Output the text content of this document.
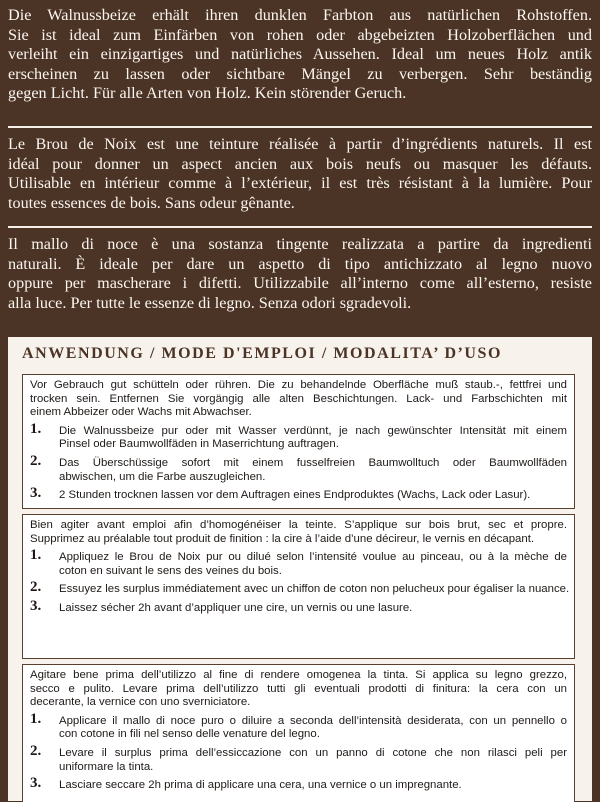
Die Walnussbeize erhält ihren dunklen Farbton aus natürlichen Rohstoffen.
Sie ist ideal zum Einfärben von rohen oder abgebeizten Holzoberflächen und
verleiht ein einzigartiges und natürliches Aussehen. Ideal um neues Holz antik
erscheinen zu lassen oder sichtbare Mängel zu verbergen. Sehr beständig
gegen Licht. Für alle Arten von Holz. Kein störender Geruch.
Le Brou de Noix est une teinture réalisée à partir d’ingrédients naturels. Il est
idéal pour donner un aspect ancien aux bois neufs ou masquer les défauts.
Utilisable en intérieur comme à l’extérieur, il est très résistant à la lumière. Pour
toutes essences de bois. Sans odeur gênante.
Il mallo di noce è una sostanza tingente realizzata a partire da ingredienti
naturali. È ideale per dare un aspetto di tipo antichizzato al legno nuovo
oppure per mascherare i difetti. Utilizzabile all’interno come all’esterno, resiste
alla luce. Per tutte le essenze di legno. Senza odori sgradevoli.
ANWENDUNG / MODE D'EMPLOI / MODALITA’ D’USO
Vor Gebrauch gut schütteln oder rühren. Die zu behandelnde Oberfläche muß staub.-, fettfrei und
trocken sein. Entfernen Sie vorgängig alle alten Beschichtungen. Lack- und Farbschichten mit
einem Abbeizer oder Wachs mit Abwachser.
1. Die Walnussbeize pur oder mit Wasser verdünnt, je nach gewünschter Intensität mit einem
Pinsel oder Baumwollfäden in Maserrichtung auftragen.
2. Das Überschüssige sofort mit einem fusselfreien Baumwolltuch oder Baumwollfäden
abwischen, um die Farbe auszugleichen.
3. 2 Stunden trocknen lassen vor dem Auftragen eines Endproduktes (Wachs, Lack oder Lasur).
Bien agiter avant emploi afin d’homogénéiser la teinte. S’applique sur bois brut, sec et propre.
Supprimez au préalable tout produit de finition : la cire à l’aide d’une décireur, le vernis en décapant.
1. Appliquez le Brou de Noix pur ou dilué selon l’intensité voulue au pinceau, ou à la mèche de
coton en suivant le sens des veines du bois.
2. Essuyez les surplus immédiatement avec un chiffon de coton non pelucheux pour égaliser la nuance.
3. Laissez sécher 2h avant d’appliquer une cire, un vernis ou une lasure.
Agitare bene prima dell’utilizzo al fine di rendere omogenea la tinta. Si applica su legno grezzo,
secco e pulito. Levare prima dell’utilizzo tutti gli eventuali prodotti di finitura: la cera con un
decerante, la vernice con uno sverniciatore.
1. Applicare il mallo di noce puro o diluire a seconda dell’intensità desiderata, con un pennello o
con cotone in fili nel senso delle venature del legno.
2. Levare il surplus prima dell’essiccazione con un panno di cotone che non rilasci peli per
uniformare la tinta.
3. Lasciare seccare 2h prima di applicare una cera, una vernice o un impregnante.
